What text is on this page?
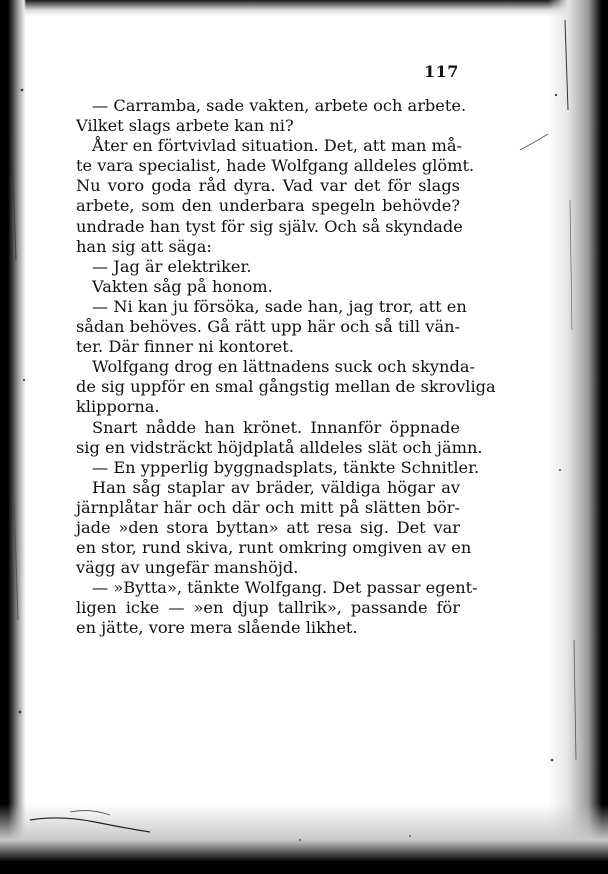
117
— Carramba, sade vakten, arbete och arbete.
Vilket slags arbete kan ni?
Åter en förtvivlad situation. Det, att man må-
te vara specialist, hade Wolfgang alldeles glömt.
Nu voro goda råd dyra. Vad var det för slags
arbete, som den underbara spegeln behövde?
undrade han tyst för sig själv. Och så skyndade
han sig att säga:
— Jag är elektriker.
Vakten såg på honom.
— Ni kan ju försöka, sade han, jag tror, att en
sådan behöves. Gå rätt upp här och så till vän-
ter. Där finner ni kontoret.
Wolfgang drog en lättnadens suck och skynda-
de sig uppför en smal gångstig mellan de skrovliga
klipporna.
Snart nådde han krönet. Innanför öppnade
sig en vidsträckt höjdplatå alldeles slät och jämn.
— En ypperlig byggnadsplats, tänkte Schnitler.
Han såg staplar av bräder, väldiga högar av
järnplåtar här och där och mitt på slätten bör-
jade »den stora byttan» att resa sig. Det var
en stor, rund skiva, runt omkring omgiven av en
vägg av ungefär manshöjd.
— »Bytta», tänkte Wolfgang. Det passar egent-
ligen icke — »en djup tallrik», passande för
en jätte, vore mera slående likhet.
